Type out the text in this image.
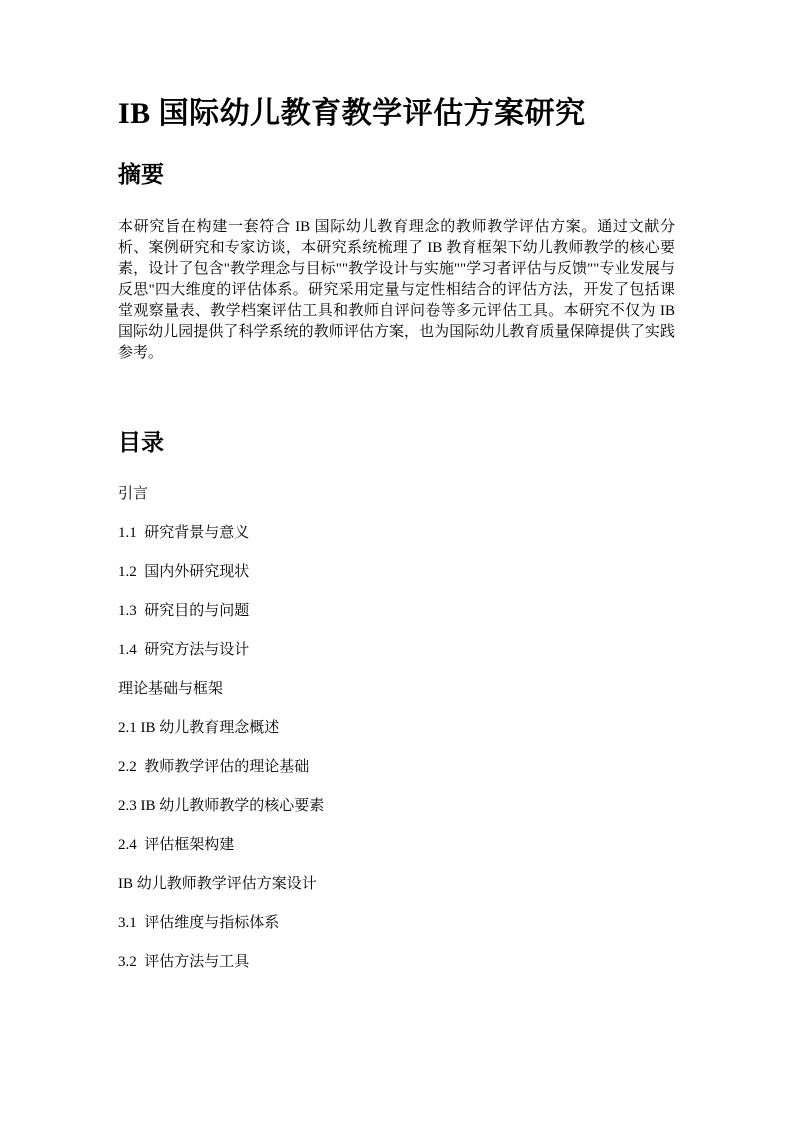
IB 国际幼儿教育教学评估方案研究
摘要

本研究旨在构建一套符合 IB 国际幼儿教育理念的教师教学评估方案。通过文献分析、案例研究和专家访谈，本研究系统梳理了 IB 教育框架下幼儿教师教学的核心要素，设计了包含"教学理念与目标""教学设计与实施""学习者评估与反馈""专业发展与反思"四大维度的评估体系。研究采用定量与定性相结合的评估方法，开发了包括课堂观察量表、教学档案评估工具和教师自评问卷等多元评估工具。本研究不仅为 IB 国际幼儿园提供了科学系统的教师评估方案，也为国际幼儿教育质量保障提供了实践参考。

目录
引言
1.1  研究背景与意义
1.2  国内外研究现状
1.3  研究目的与问题
1.4  研究方法与设计
理论基础与框架
2.1 IB 幼儿教育理念概述
2.2  教师教学评估的理论基础
2.3 IB 幼儿教师教学的核心要素
2.4  评估框架构建
IB 幼儿教师教学评估方案设计
3.1  评估维度与指标体系
3.2  评估方法与工具
